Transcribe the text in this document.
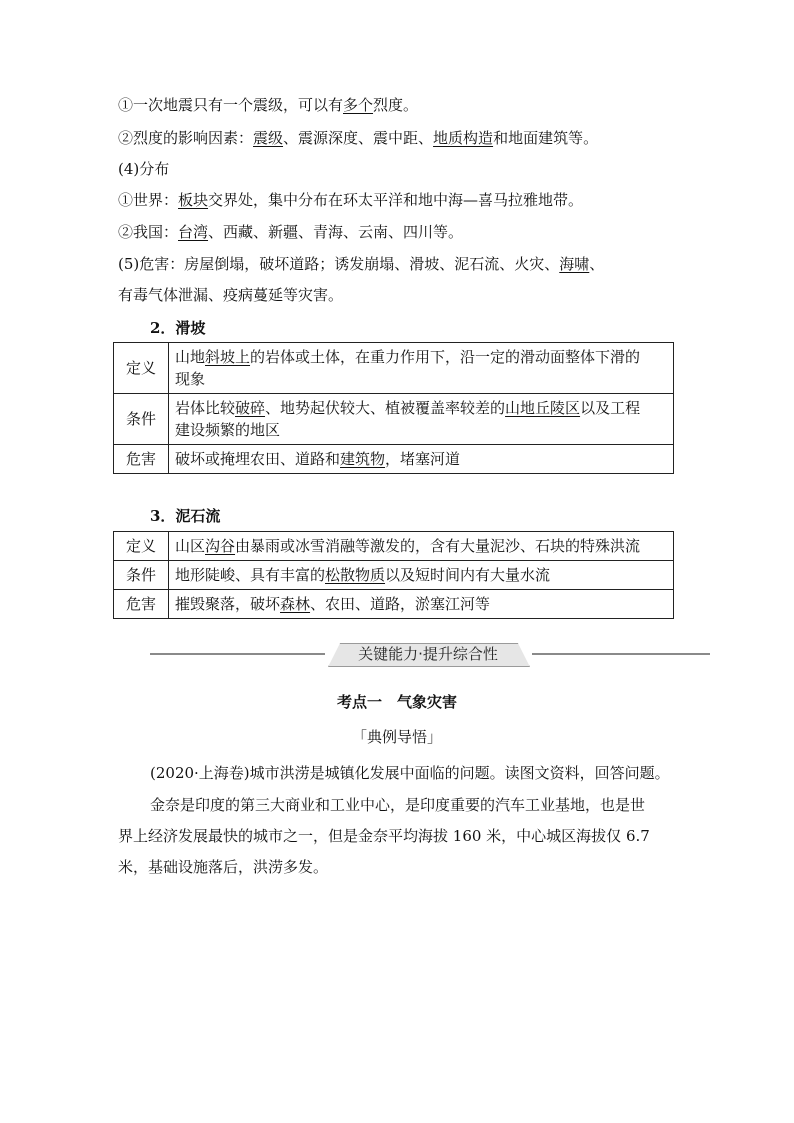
①一次地震只有一个震级，可以有多个烈度。
②烈度的影响因素：震级、震源深度、震中距、地质构造和地面建筑等。
(4)分布
①世界：板块交界处，集中分布在环太平洋和地中海—喜马拉雅地带。
②我国：台湾、西藏、新疆、青海、云南、四川等。
(5)危害：房屋倒塌，破坏道路；诱发崩塌、滑坡、泥石流、火灾、海啸、
有毒气体泄漏、疫病蔓延等灾害。
2．滑坡
定义	山地斜坡上的岩体或土体，在重力作用下，沿一定的滑动面整体下滑的
现象
条件	岩体比较破碎、地势起伏较大、植被覆盖率较差的山地丘陵区以及工程
建设频繁的地区
危害	破坏或掩埋农田、道路和建筑物，堵塞河道
3．泥石流
定义	山区沟谷由暴雨或冰雪消融等激发的，含有大量泥沙、石块的特殊洪流
条件	地形陡峻、具有丰富的松散物质以及短时间内有大量水流
危害	摧毁聚落，破坏森林、农田、道路，淤塞江河等
关键能力·提升综合性
考点一　气象灾害
「典例导悟」
(2020·上海卷)城市洪涝是城镇化发展中面临的问题。读图文资料，回答问题。
金奈是印度的第三大商业和工业中心，是印度重要的汽车工业基地，也是世
界上经济发展最快的城市之一，但是金奈平均海拔 160 米，中心城区海拔仅 6.7
米，基础设施落后，洪涝多发。
